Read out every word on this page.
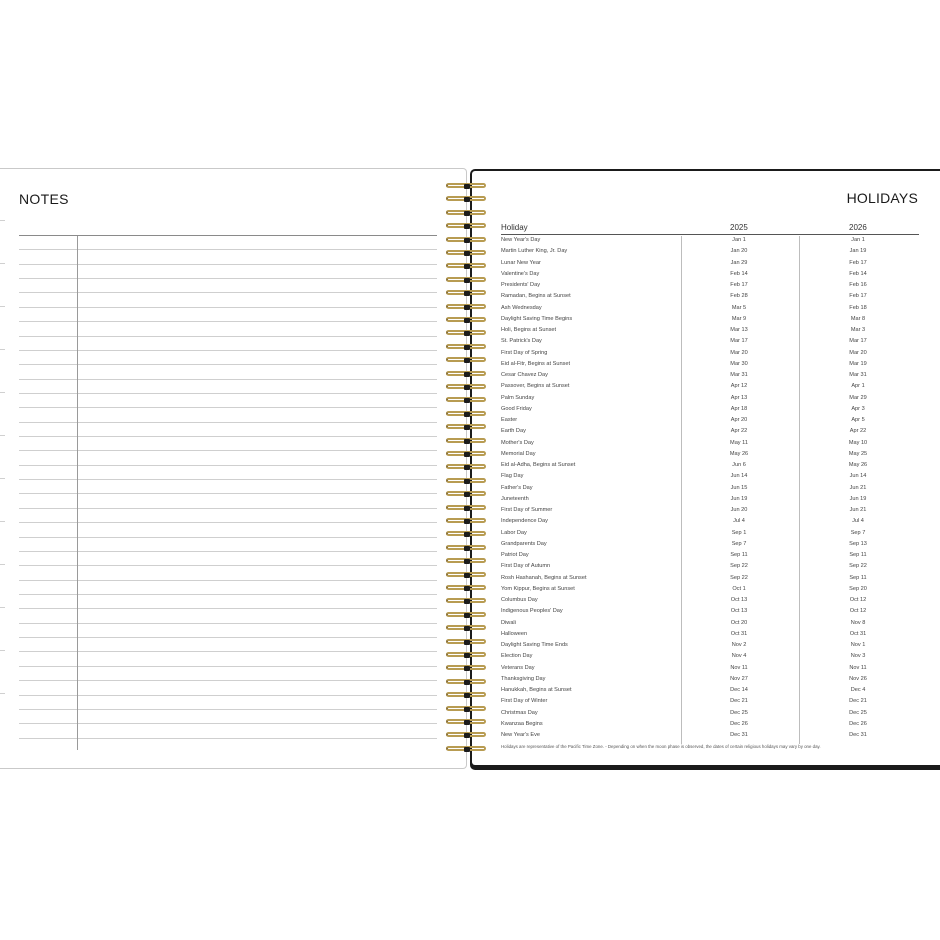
NOTES	HOLIDAYS
Holiday	2025	2026
New Year's Day	Jan 1	Jan 1
Martin Luther King, Jr. Day	Jan 20	Jan 19
Lunar New Year	Jan 29	Feb 17
Valentine's Day	Feb 14	Feb 14
Presidents' Day	Feb 17	Feb 16
Ramadan, Begins at Sunset	Feb 28	Feb 17
Ash Wednesday	Mar 5	Feb 18
Daylight Saving Time Begins	Mar 9	Mar 8
Holi, Begins at Sunset	Mar 13	Mar 3
St. Patrick's Day	Mar 17	Mar 17
First Day of Spring	Mar 20	Mar 20
Eid al-Fitr, Begins at Sunset	Mar 30	Mar 19
Cesar Chavez Day	Mar 31	Mar 31
Passover, Begins at Sunset	Apr 12	Apr 1
Palm Sunday	Apr 13	Mar 29
Good Friday	Apr 18	Apr 3
Easter	Apr 20	Apr 5
Earth Day	Apr 22	Apr 22
Mother's Day	May 11	May 10
Memorial Day	May 26	May 25
Eid al-Adha, Begins at Sunset	Jun 6	May 26
Flag Day	Jun 14	Jun 14
Father's Day	Jun 15	Jun 21
Juneteenth	Jun 19	Jun 19
First Day of Summer	Jun 20	Jun 21
Independence Day	Jul 4	Jul 4
Labor Day	Sep 1	Sep 7
Grandparents Day	Sep 7	Sep 13
Patriot Day	Sep 11	Sep 11
First Day of Autumn	Sep 22	Sep 22
Rosh Hashanah, Begins at Sunset	Sep 22	Sep 11
Yom Kippur, Begins at Sunset	Oct 1	Sep 20
Columbus Day	Oct 13	Oct 12
Indigenous Peoples' Day	Oct 13	Oct 12
Diwali	Oct 20	Nov 8
Halloween	Oct 31	Oct 31
Daylight Saving Time Ends	Nov 2	Nov 1
Election Day	Nov 4	Nov 3
Veterans Day	Nov 11	Nov 11
Thanksgiving Day	Nov 27	Nov 26
Hanukkah, Begins at Sunset	Dec 14	Dec 4
First Day of Winter	Dec 21	Dec 21
Christmas Day	Dec 25	Dec 25
Kwanzaa Begins	Dec 26	Dec 26
New Year's Eve	Dec 31	Dec 31
Holidays are representative of the Pacific Time Zone. - Depending on when the moon phase is observed, the dates of certain religious holidays may vary by one day.
